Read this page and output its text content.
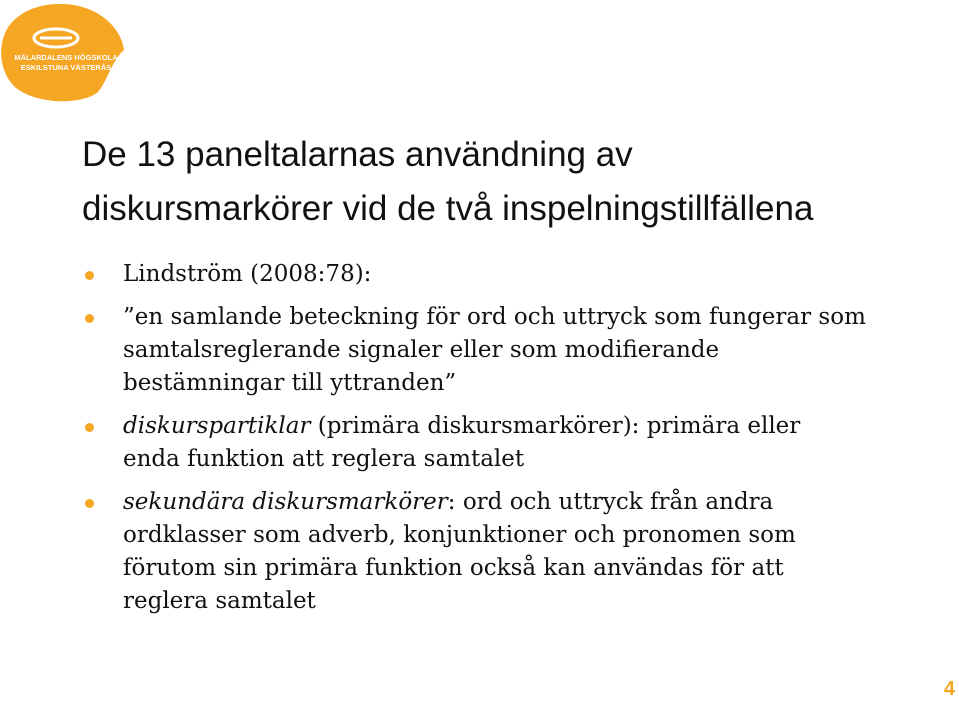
MÄLARDALENS HÖGSKOLA
ESKILSTUNA VÄSTERÅS
De 13 paneltalarnas användning av
diskursmarkörer vid de två inspelningstillfällena
Lindström (2008:78):
”en samlande beteckning för ord och uttryck som fungerar som
samtalsreglerande signaler eller som modifierande
bestämningar till yttranden”
diskurspartiklar (primära diskursmarkörer): primära eller
enda funktion att reglera samtalet
sekundära diskursmarkörer: ord och uttryck från andra
ordklasser som adverb, konjunktioner och pronomen som
förutom sin primära funktion också kan användas för att
reglera samtalet
4
